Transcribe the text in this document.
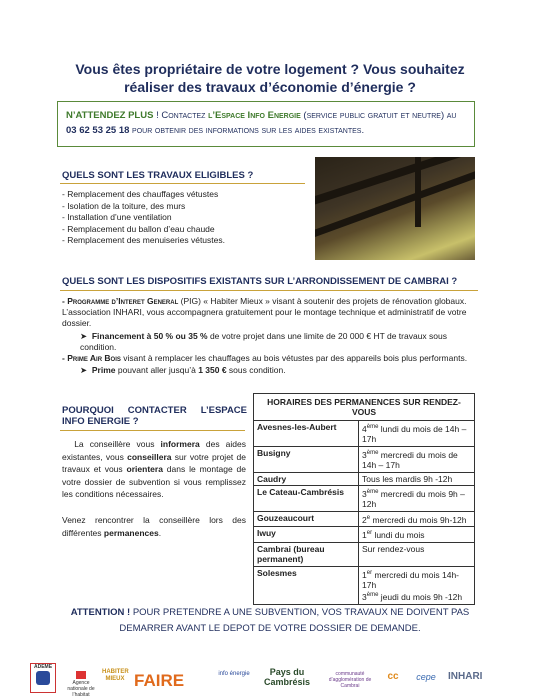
Vous êtes propriétaire de votre logement ? Vous souhaitez
réaliser des travaux d’économie d’énergie ?
N’ATTENDEZ PLUS ! Contactez l’Espace Info Energie (service public gratuit et neutre) au 03 62 53 25 18 pour obtenir des informations sur les aides existantes.
QUELS SONT LES TRAVAUX ELIGIBLES ?
- Remplacement des chauffages vétustes
- Isolation de la toiture, des murs
- Installation d’une ventilation
- Remplacement du ballon d’eau chaude
- Remplacement des menuiseries vétustes.
QUELS SONT LES DISPOSITIFS EXISTANTS SUR L’ARRONDISSEMENT DE CAMBRAI ?
- Programme d’Interet General (PIG) « Habiter Mieux » visant à soutenir des projets de rénovation globaux. L’association INHARI, vous accompagnera gratuitement pour le montage technique et administratif de votre dossier.
➤  Financement à 50 % ou 35 % de votre projet dans une limite de 20 000 € HT de travaux sous condition.
- Prime Air Bois visant à remplacer les chauffages au bois vétustes par des appareils bois plus performants.
➤  Prime pouvant aller jusqu’à 1 350 € sous condition.
POURQUOI CONTACTER L’ESPACE INFO ENERGIE ?
La conseillère vous informera des aides existantes, vous conseillera sur votre projet de travaux et vous orientera dans le montage de votre dossier de subvention si vous remplissez les conditions nécessaires.
Venez rencontrer la conseillère lors des différentes permanences.
HORAIRES DES PERMANENCES SUR RENDEZ-VOUS	
Avesnes-les-Aubert	4ème lundi du mois de 14h – 17h
Busigny	3ème mercredi du mois de 14h – 17h
Caudry	Tous les mardis 9h -12h
Le Cateau-Cambrésis	3ème mercredi du mois 9h – 12h
Gouzeaucourt	2e mercredi du mois 9h-12h
Iwuy	1er lundi du mois
Cambrai (bureau permanent)	Sur rendez-vous
Solesmes	1er mercredi du mois 14h-17h
3ème jeudi du mois 9h -12h
ATTENTION ! POUR PRETENDRE A UNE SUBVENTION, VOS TRAVAUX NE DOIVENT PAS DEMARRER AVANT LE DEPOT DE VOTRE DOSSIER DE DEMANDE.
ADEME
Agence nationale de l’habitat
HABITER MIEUX FAIRE	info énergie	Pays du Cambrésis
communauté d’agglomération de Cambrai
cc	cepe	INHARI
